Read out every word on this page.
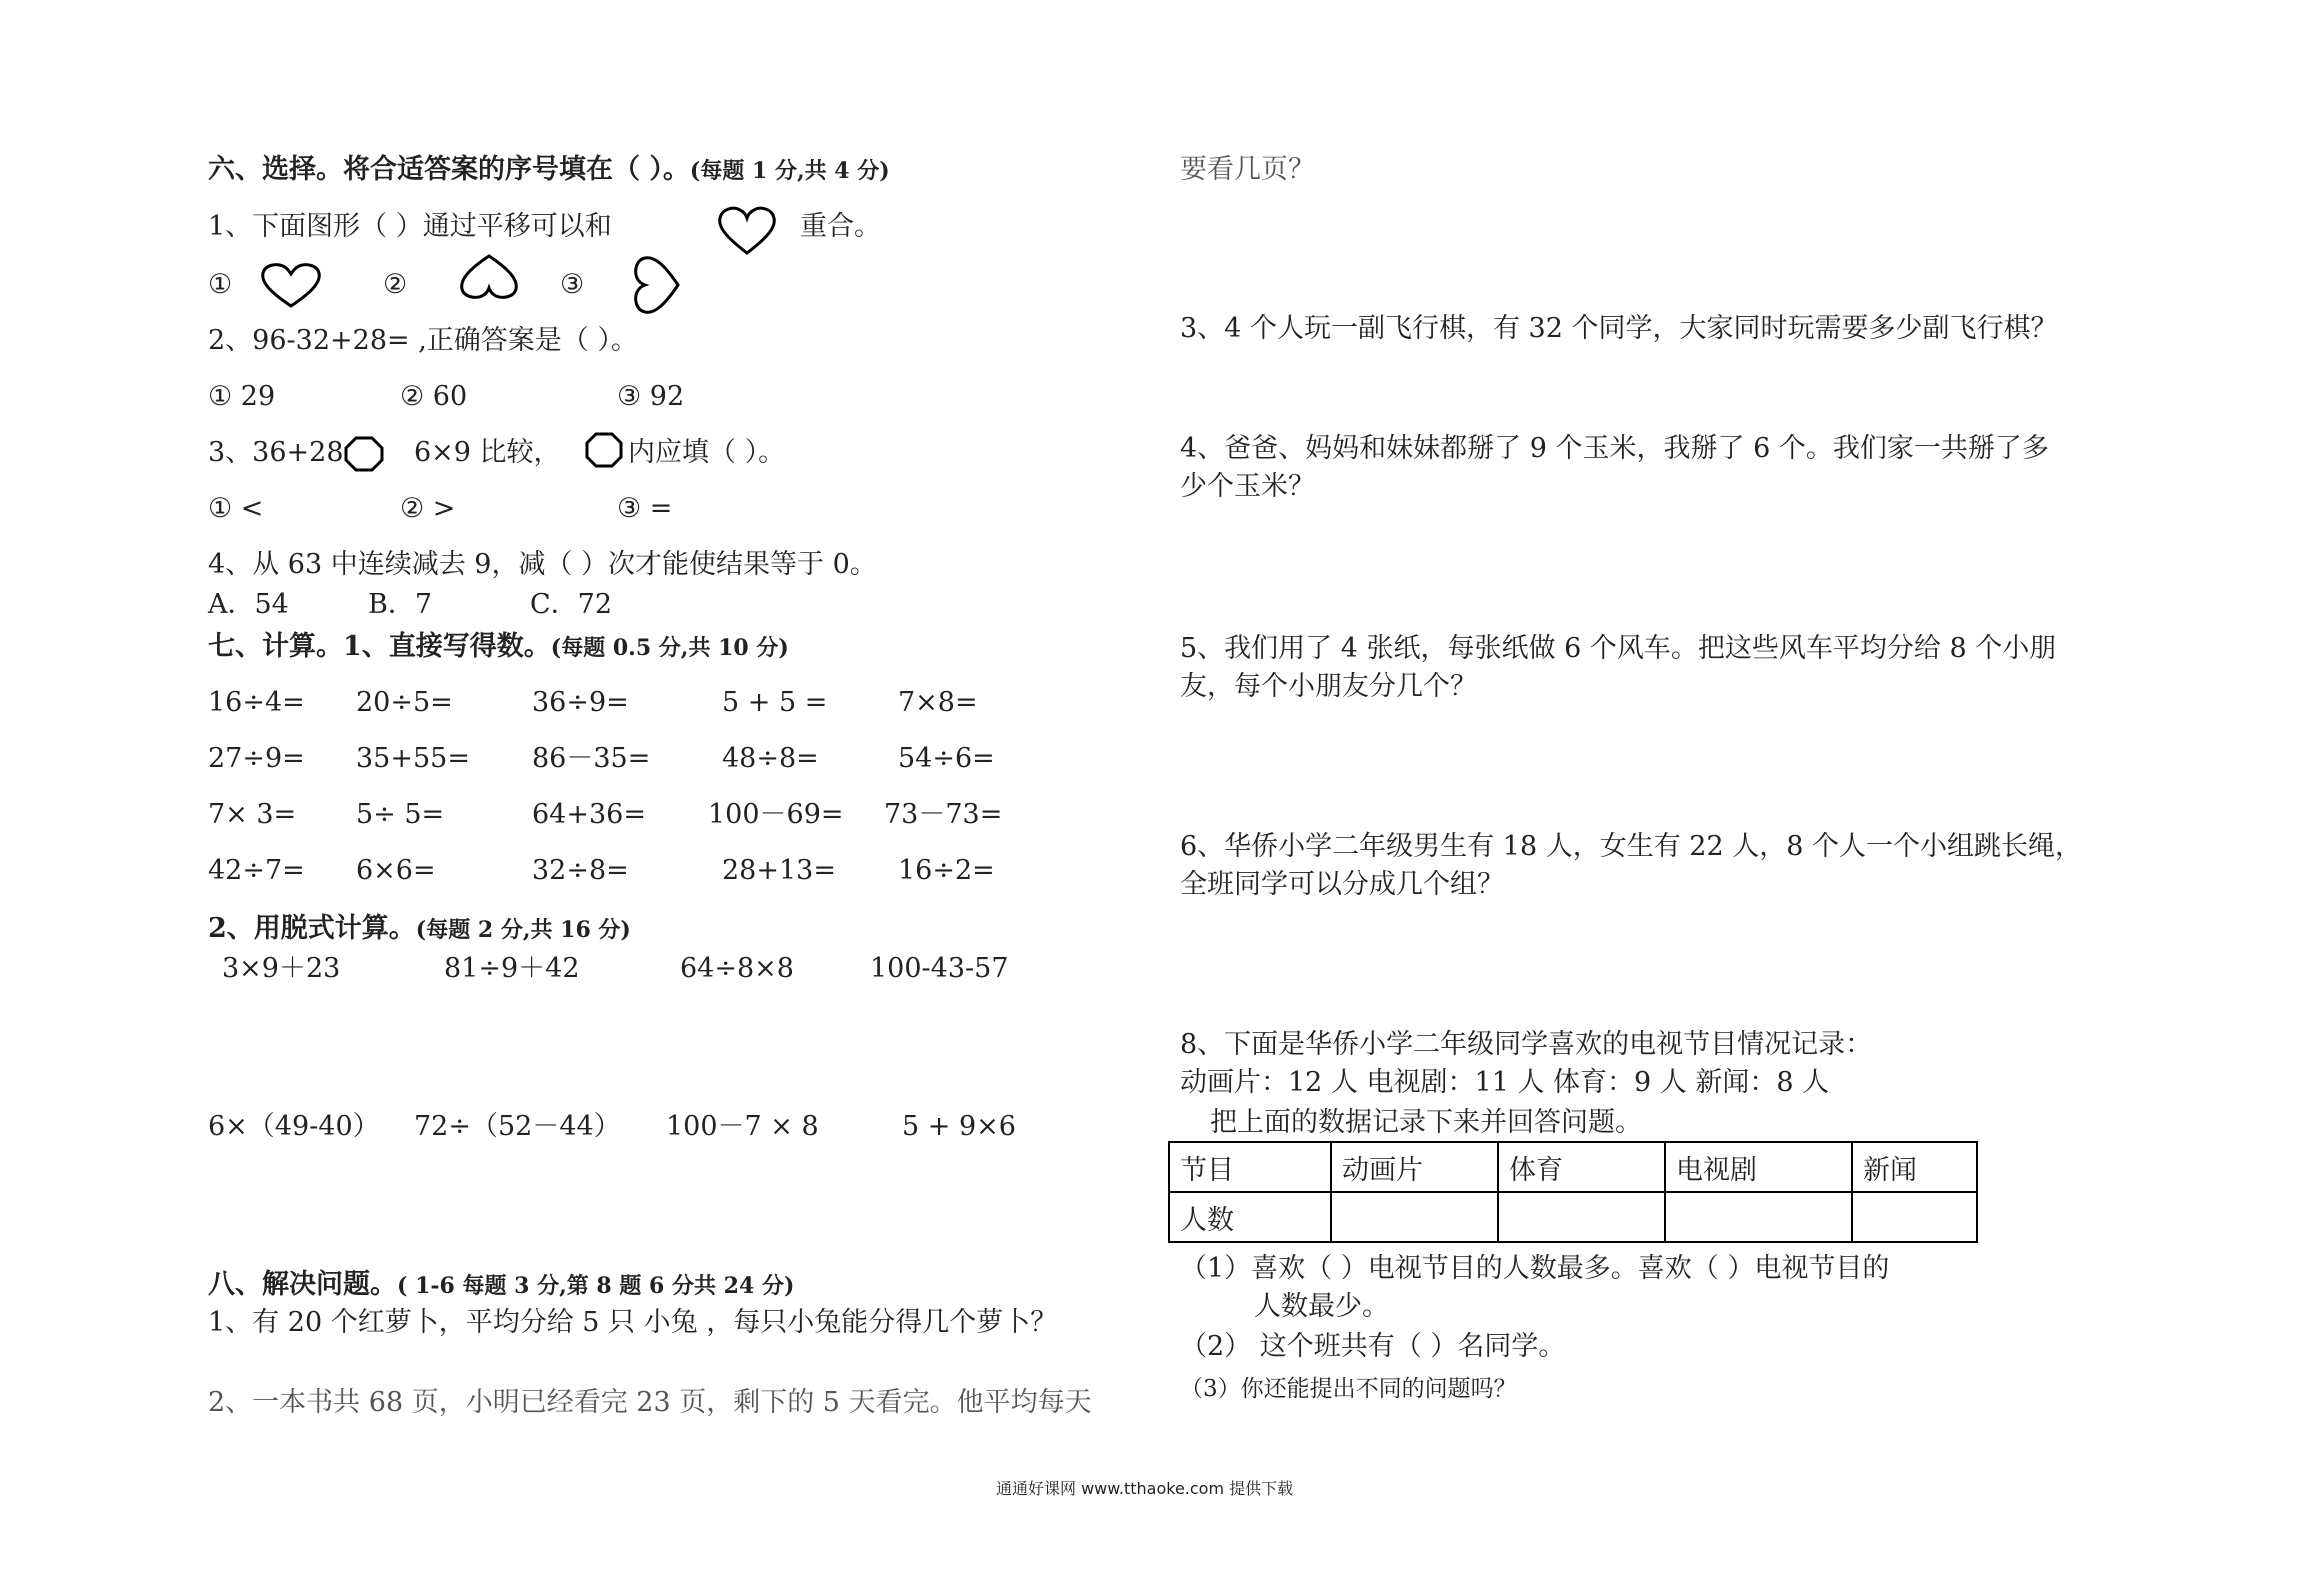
六、选择。将合适答案的序号填在（ ）。(每题 1 分,共 4 分)
1、下面图形（ ）通过平移可以和	重合。
①	②	③
2、96-32+28= ,正确答案是（ ）。
① 29	② 60	③ 92
3、36+28	6×9 比较， 内应填（ ）。
① <	② >	③ =
4、从 63 中连续减去 9，减（ ）次才能使结果等于 0。
A．54	B．7	C．72
七、计算。1、直接写得数。(每题 0.5 分,共 10 分)
16÷4=	20÷5=	36÷9=	5 + 5 =	7×8=
27÷9=	35+55=	86－35=	48÷8=	54÷6=
7× 3=	5÷ 5=	64+36=	100－69=	73－73=
42÷7=	6×6=	32÷8=	28+13=	16÷2=
2、用脱式计算。(每题 2 分,共 16 分)
3×9＋23	81÷9＋42	64÷8×8	100-43-57
6×（49-40）	72÷（52－44）	100－7 × 8	5 + 9×6
八、解决问题。( 1-6 每题 3 分,第 8 题 6 分共 24 分)
1、有 20 个红萝卜，平均分给 5 只 小兔 ，每只小兔能分得几个萝卜？
2、一本书共 68 页，小明已经看完 23 页，剩下的 5 天看完。他平均每天
要看几页？
3、4 个人玩一副飞行棋，有 32 个同学，大家同时玩需要多少副飞行棋？
4、爸爸、妈妈和妹妹都掰了 9 个玉米，我掰了 6 个。我们家一共掰了多
少个玉米？
5、我们用了 4 张纸，每张纸做 6 个风车。把这些风车平均分给 8 个小朋
友，每个小朋友分几个？
6、华侨小学二年级男生有 18 人，女生有 22 人，8 个人一个小组跳长绳，
全班同学可以分成几个组？
8、下面是华侨小学二年级同学喜欢的电视节目情况记录：
动画片：12 人 电视剧：11 人 体育：9 人 新闻：8 人
把上面的数据记录下来并回答问题。
节目	动画片	体育	电视剧	新闻
人数				
（1）喜欢（ ）电视节目的人数最多。喜欢（ ）电视节目的
人数最少。
（2） 这个班共有（ ）名同学。
（3）你还能提出不同的问题吗？
通通好课网 www.tthaoke.com 提供下载
